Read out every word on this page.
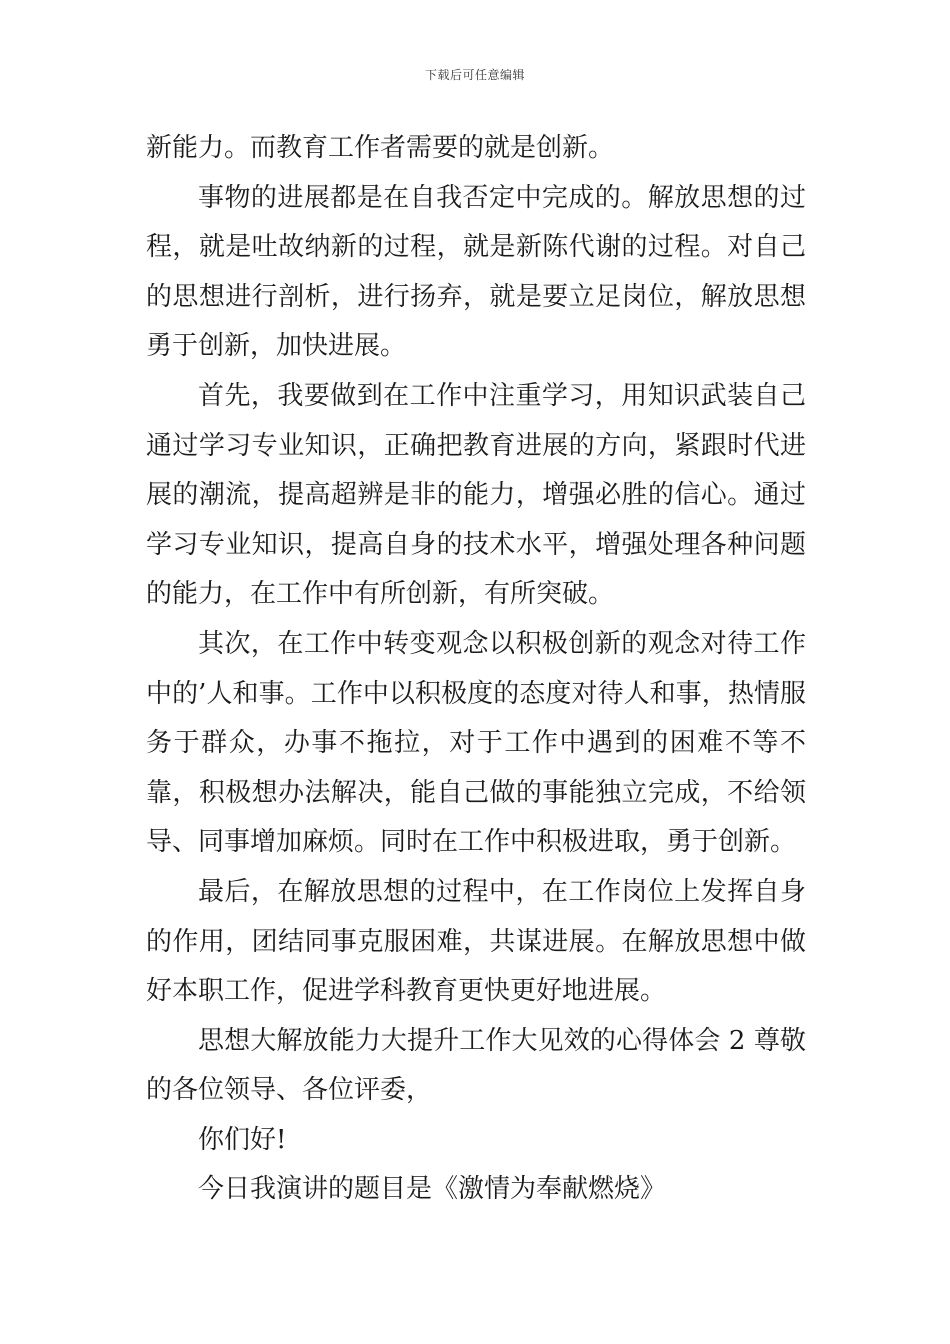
下载后可任意编辑

新能力。而教育工作者需要的就是创新。

事物的进展都是在自我否定中完成的。解放思想的过程，就是吐故纳新的过程，就是新陈代谢的过程。对自己的思想进行剖析，进行扬弃，就是要立足岗位，解放思想勇于创新，加快进展。

首先，我要做到在工作中注重学习，用知识武装自己通过学习专业知识，正确把教育进展的方向，紧跟时代进展的潮流，提高超辨是非的能力，增强必胜的信心。通过学习专业知识，提高自身的技术水平，增强处理各种问题的能力，在工作中有所创新，有所突破。

其次，在工作中转变观念以积极创新的观念对待工作中的’人和事。工作中以积极度的态度对待人和事，热情服务于群众，办事不拖拉，对于工作中遇到的困难不等不靠，积极想办法解决，能自己做的事能独立完成，不给领导、同事增加麻烦。同时在工作中积极进取，勇于创新。

最后，在解放思想的过程中，在工作岗位上发挥自身的作用，团结同事克服困难，共谋进展。在解放思想中做好本职工作，促进学科教育更快更好地进展。

思想大解放能力大提升工作大见效的心得体会 2 尊敬的各位领导、各位评委，

你们好!

今日我演讲的题目是《激情为奉献燃烧》
